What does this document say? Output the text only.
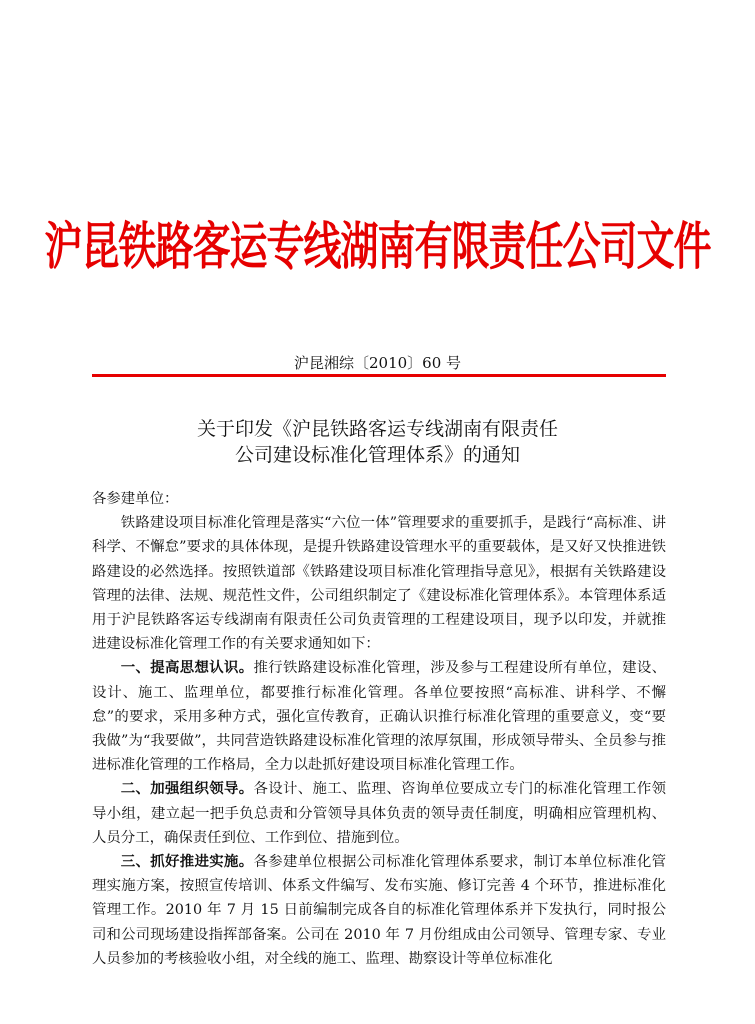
沪昆铁路客运专线湖南有限责任公司文件
沪昆湘综〔2010〕60 号
关于印发《沪昆铁路客运专线湖南有限责任
公司建设标准化管理体系》的通知

各参建单位：

铁路建设项目标准化管理是落实“六位一体”管理要求的重要抓手，是践行“高标准、讲科学、不懈怠”要求的具体体现，是提升铁路建设管理水平的重要载体，是又好又快推进铁路建设的必然选择。按照铁道部《铁路建设项目标准化管理指导意见》，根据有关铁路建设管理的法律、法规、规范性文件，公司组织制定了《建设标准化管理体系》。本管理体系适用于沪昆铁路客运专线湖南有限责任公司负责管理的工程建设项目，现予以印发，并就推进建设标准化管理工作的有关要求通知如下：

一、提高思想认识。推行铁路建设标准化管理，涉及参与工程建设所有单位，建设、设计、施工、监理单位，都要推行标准化管理。各单位要按照“高标准、讲科学、不懈怠”的要求，采用多种方式，强化宣传教育，正确认识推行标准化管理的重要意义，变“要我做”为“我要做”，共同营造铁路建设标准化管理的浓厚氛围，形成领导带头、全员参与推进标准化管理的工作格局，全力以赴抓好建设项目标准化管理工作。

二、加强组织领导。各设计、施工、监理、咨询单位要成立专门的标准化管理工作领导小组，建立起一把手负总责和分管领导具体负责的领导责任制度，明确相应管理机构、人员分工，确保责任到位、工作到位、措施到位。

三、抓好推进实施。各参建单位根据公司标准化管理体系要求，制订本单位标准化管理实施方案，按照宣传培训、体系文件编写、发布实施、修订完善 4 个环节，推进标准化管理工作。2010 年 7 月 15 日前编制完成各自的标准化管理体系并下发执行，同时报公司和公司现场建设指挥部备案。公司在 2010 年 7 月份组成由公司领导、管理专家、专业人员参加的考核验收小组，对全线的施工、监理、勘察设计等单位标准化
